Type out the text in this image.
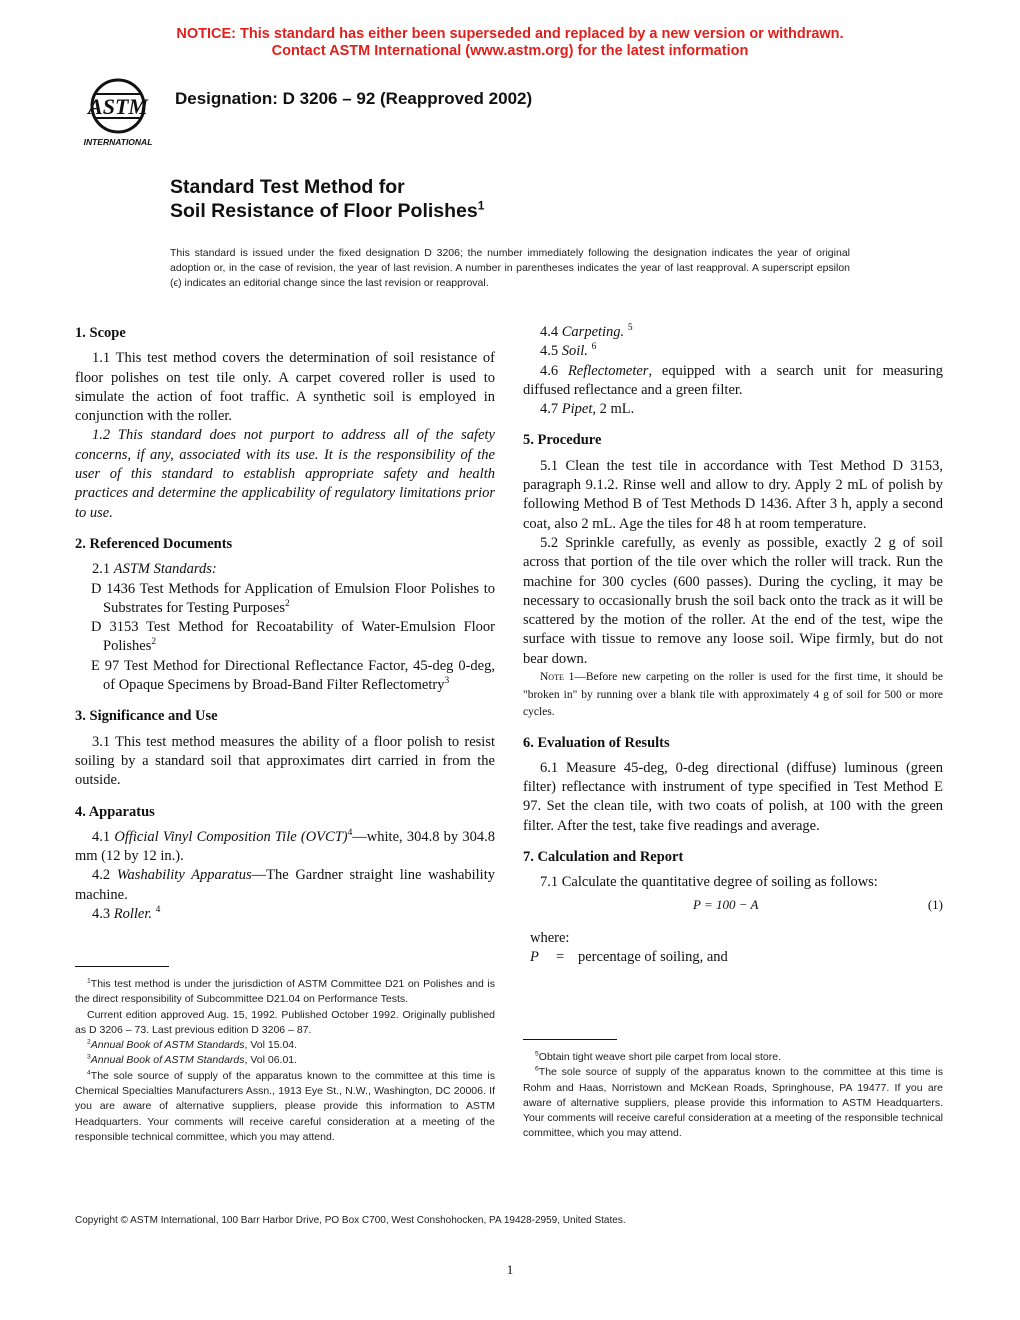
NOTICE: This standard has either been superseded and replaced by a new version or withdrawn.
Contact ASTM International (www.astm.org) for the latest information
ASTM
INTERNATIONAL
Designation: D 3206 – 92 (Reapproved 2002)
Standard Test Method for
Soil Resistance of Floor Polishes$^1$
This standard is issued under the fixed designation D 3206; the number immediately following the designation indicates the year of original adoption or, in the case of revision, the year of last revision. A number in parentheses indicates the year of last reapproval. A superscript epsilon (ϵ) indicates an editorial change since the last revision or reapproval.
1. Scope

1.1 This test method covers the determination of soil resistance of floor polishes on test tile only. A carpet covered roller is used to simulate the action of foot traffic. A synthetic soil is employed in conjunction with the roller.

1.2 This standard does not purport to address all of the safety concerns, if any, associated with its use. It is the responsibility of the user of this standard to establish appropriate safety and health practices and determine the applicability of regulatory limitations prior to use.

2. Referenced Documents

2.1 ASTM Standards:

D 1436 Test Methods for Application of Emulsion Floor Polishes to Substrates for Testing Purposes$^2$

D 3153 Test Method for Recoatability of Water-Emulsion Floor Polishes$^2$

E 97 Test Method for Directional Reflectance Factor, 45-deg 0-deg, of Opaque Specimens by Broad-Band Filter Reflectometry$^3$

3. Significance and Use

3.1 This test method measures the ability of a floor polish to resist soiling by a standard soil that approximates dirt carried in from the outside.

4. Apparatus

4.1 Official Vinyl Composition Tile (OVCT)$^4$—white, 304.8 by 304.8 mm (12 by 12 in.).

4.2 Washability Apparatus—The Gardner straight line washability machine.

4.3 Roller. $^4$

4.4 Carpeting. $^5$

4.5 Soil. $^6$

4.6 Reflectometer, equipped with a search unit for measuring diffused reflectance and a green filter.

4.7 Pipet, 2 mL.

5. Procedure

5.1 Clean the test tile in accordance with Test Method D 3153, paragraph 9.1.2. Rinse well and allow to dry. Apply 2 mL of polish by following Method B of Test Methods D 1436. After 3 h, apply a second coat, also 2 mL. Age the tiles for 48 h at room temperature.

5.2 Sprinkle carefully, as evenly as possible, exactly 2 g of soil across that portion of the tile over which the roller will track. Run the machine for 300 cycles (600 passes). During the cycling, it may be necessary to occasionally brush the soil back onto the track as it will be scattered by the motion of the roller. At the end of the test, wipe the surface with tissue to remove any loose soil. Wipe firmly, but do not bear down.

Note 1—Before new carpeting on the roller is used for the first time, it should be "broken in" by running over a blank tile with approximately 4 g of soil for 500 or more cycles.

6. Evaluation of Results

6.1 Measure 45-deg, 0-deg directional (diffuse) luminous (green filter) reflectance with instrument of type specified in Test Method E 97. Set the clean tile, with two coats of polish, at 100 with the green filter. After the test, take five readings and average.

7. Calculation and Report

7.1 Calculate the quantitative degree of soiling as follows:

P = 100 − A	(1)

where:

P	= percentage of soiling, and

$^1$This test method is under the jurisdiction of ASTM Committee D21 on Polishes and is the direct responsibility of Subcommittee D21.04 on Performance Tests.

Current edition approved Aug. 15, 1992. Published October 1992. Originally published as D 3206 – 73. Last previous edition D 3206 – 87.

$^2$Annual Book of ASTM Standards, Vol 15.04.

$^3$Annual Book of ASTM Standards, Vol 06.01.

$^4$The sole source of supply of the apparatus known to the committee at this time is Chemical Specialties Manufacturers Assn., 1913 Eye St., N.W., Washington, DC 20006. If you are aware of alternative suppliers, please provide this information to ASTM Headquarters. Your comments will receive careful consideration at a meeting of the responsible technical committee, which you may attend.

$^5$Obtain tight weave short pile carpet from local store.

$^6$The sole source of supply of the apparatus known to the committee at this time is Rohm and Haas, Norristown and McKean Roads, Springhouse, PA 19477. If you are aware of alternative suppliers, please provide this information to ASTM Headquarters. Your comments will receive careful consideration at a meeting of the responsible technical committee, which you may attend.

Copyright © ASTM International, 100 Barr Harbor Drive, PO Box C700, West Conshohocken, PA 19428-2959, United States.
1
